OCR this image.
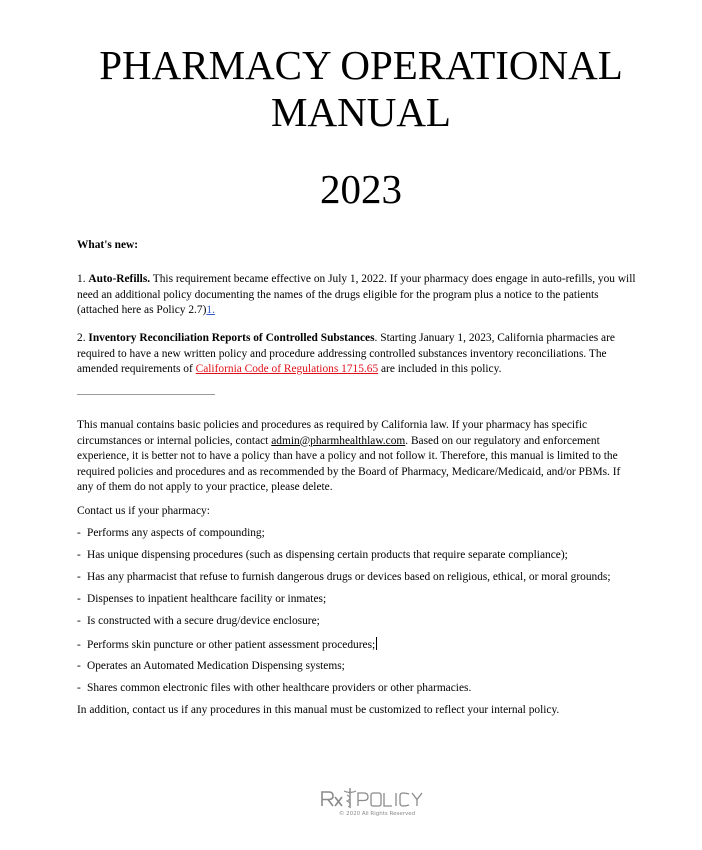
PHARMACY OPERATIONAL
MANUAL
2023
What's new:
1. Auto-Refills. This requirement became effective on July 1, 2022. If your pharmacy does engage in auto-refills, you will need an additional policy documenting the names of the drugs eligible for the program plus a notice to the patients (attached here as Policy 2.7)1.
2. Inventory Reconciliation Reports of Controlled Substances. Starting January 1, 2023, California pharmacies are required to have a new written policy and procedure addressing controlled substances inventory reconciliations. The amended requirements of California Code of Regulations 1715.65 are included in this policy.
This manual contains basic policies and procedures as required by California law. If your pharmacy has specific circumstances or internal policies, contact admin@pharmhealthlaw.com. Based on our regulatory and enforcement experience, it is better not to have a policy than have a policy and not follow it. Therefore, this manual is limited to the required policies and procedures and as recommended by the Board of Pharmacy, Medicare/Medicaid, and/or PBMs. If any of them do not apply to your practice, please delete.
Contact us if your pharmacy:
- Performs any aspects of compounding;
- Has unique dispensing procedures (such as dispensing certain products that require separate compliance);
- Has any pharmacist that refuse to furnish dangerous drugs or devices based on religious, ethical, or moral grounds;
- Dispenses to inpatient healthcare facility or inmates;
- Is constructed with a secure drug/device enclosure;
- Performs skin puncture or other patient assessment procedures;
- Operates an Automated Medication Dispensing systems;
- Shares common electronic files with other healthcare providers or other pharmacies.
In addition, contact us if any procedures in this manual must be customized to reflect your internal policy.
© 2020 All Rights Reserved
